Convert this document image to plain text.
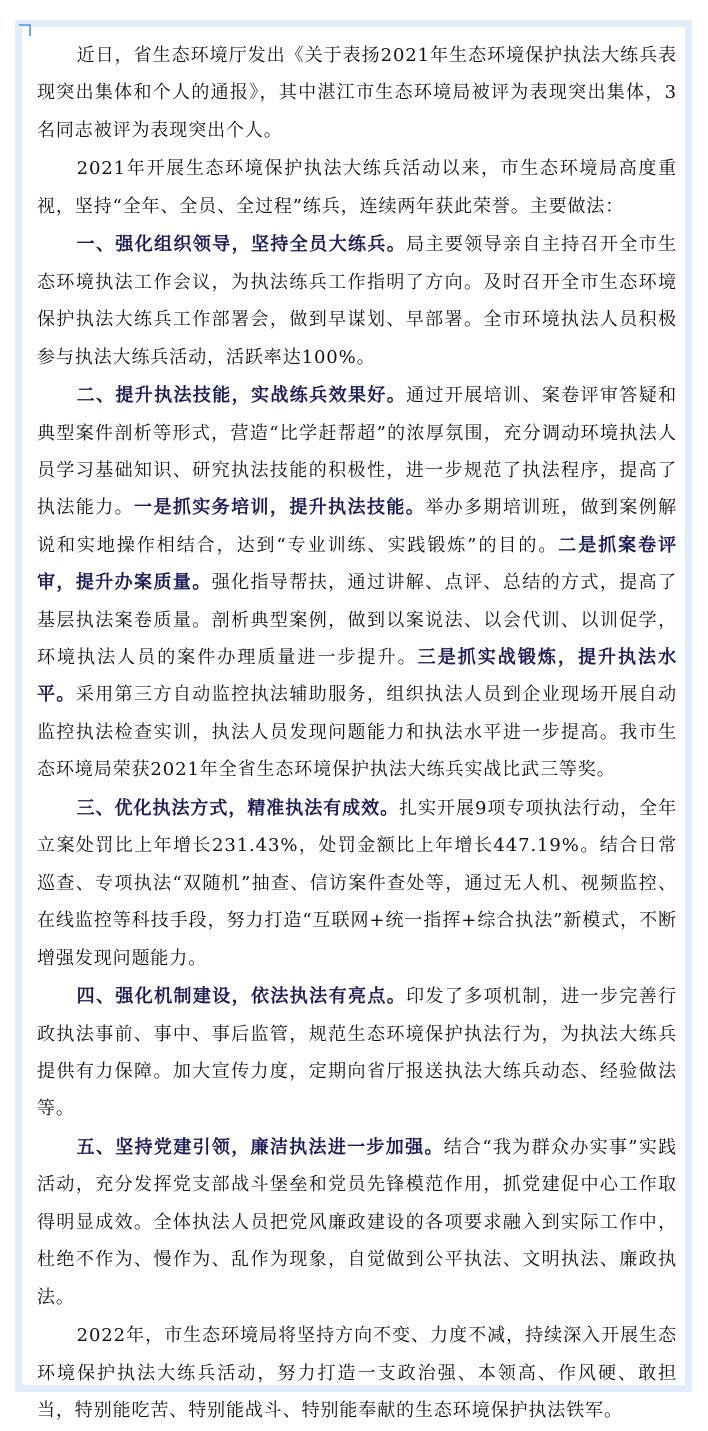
近日，省生态环境厅发出《关于表扬2021年生态环境保护执法大练兵表现突出集体和个人的通报》，其中湛江市生态环境局被评为表现突出集体，3名同志被评为表现突出个人。

2021年开展生态环境保护执法大练兵活动以来，市生态环境局高度重视，坚持“全年、全员、全过程”练兵，连续两年获此荣誉。主要做法：

一、强化组织领导，坚持全员大练兵。局主要领导亲自主持召开全市生态环境执法工作会议，为执法练兵工作指明了方向。及时召开全市生态环境保护执法大练兵工作部署会，做到早谋划、早部署。全市环境执法人员积极参与执法大练兵活动，活跃率达100%。

二、提升执法技能，实战练兵效果好。通过开展培训、案卷评审答疑和典型案件剖析等形式，营造“比学赶帮超”的浓厚氛围，充分调动环境执法人员学习基础知识、研究执法技能的积极性，进一步规范了执法程序，提高了执法能力。一是抓实务培训，提升执法技能。举办多期培训班，做到案例解说和实地操作相结合，达到“专业训练、实践锻炼”的目的。二是抓案卷评审，提升办案质量。强化指导帮扶，通过讲解、点评、总结的方式，提高了基层执法案卷质量。剖析典型案例，做到以案说法、以会代训、以训促学，环境执法人员的案件办理质量进一步提升。三是抓实战锻炼，提升执法水平。采用第三方自动监控执法辅助服务，组织执法人员到企业现场开展自动监控执法检查实训，执法人员发现问题能力和执法水平进一步提高。我市生态环境局荣获2021年全省生态环境保护执法大练兵实战比武三等奖。

三、优化执法方式，精准执法有成效。扎实开展9项专项执法行动，全年立案处罚比上年增长231.43%，处罚金额比上年增长447.19%。结合日常巡查、专项执法“双随机”抽查、信访案件查处等，通过无人机、视频监控、在线监控等科技手段，努力打造“互联网+统一指挥+综合执法”新模式，不断增强发现问题能力。

四、强化机制建设，依法执法有亮点。印发了多项机制，进一步完善行政执法事前、事中、事后监管，规范生态环境保护执法行为，为执法大练兵提供有力保障。加大宣传力度，定期向省厅报送执法大练兵动态、经验做法等。

五、坚持党建引领，廉洁执法进一步加强。结合“我为群众办实事”实践活动，充分发挥党支部战斗堡垒和党员先锋模范作用，抓党建促中心工作取得明显成效。全体执法人员把党风廉政建设的各项要求融入到实际工作中，杜绝不作为、慢作为、乱作为现象，自觉做到公平执法、文明执法、廉政执法。

2022年，市生态环境局将坚持方向不变、力度不减，持续深入开展生态环境保护执法大练兵活动，努力打造一支政治强、本领高、作风硬、敢担当，特别能吃苦、特别能战斗、特别能奉献的生态环境保护执法铁军。
